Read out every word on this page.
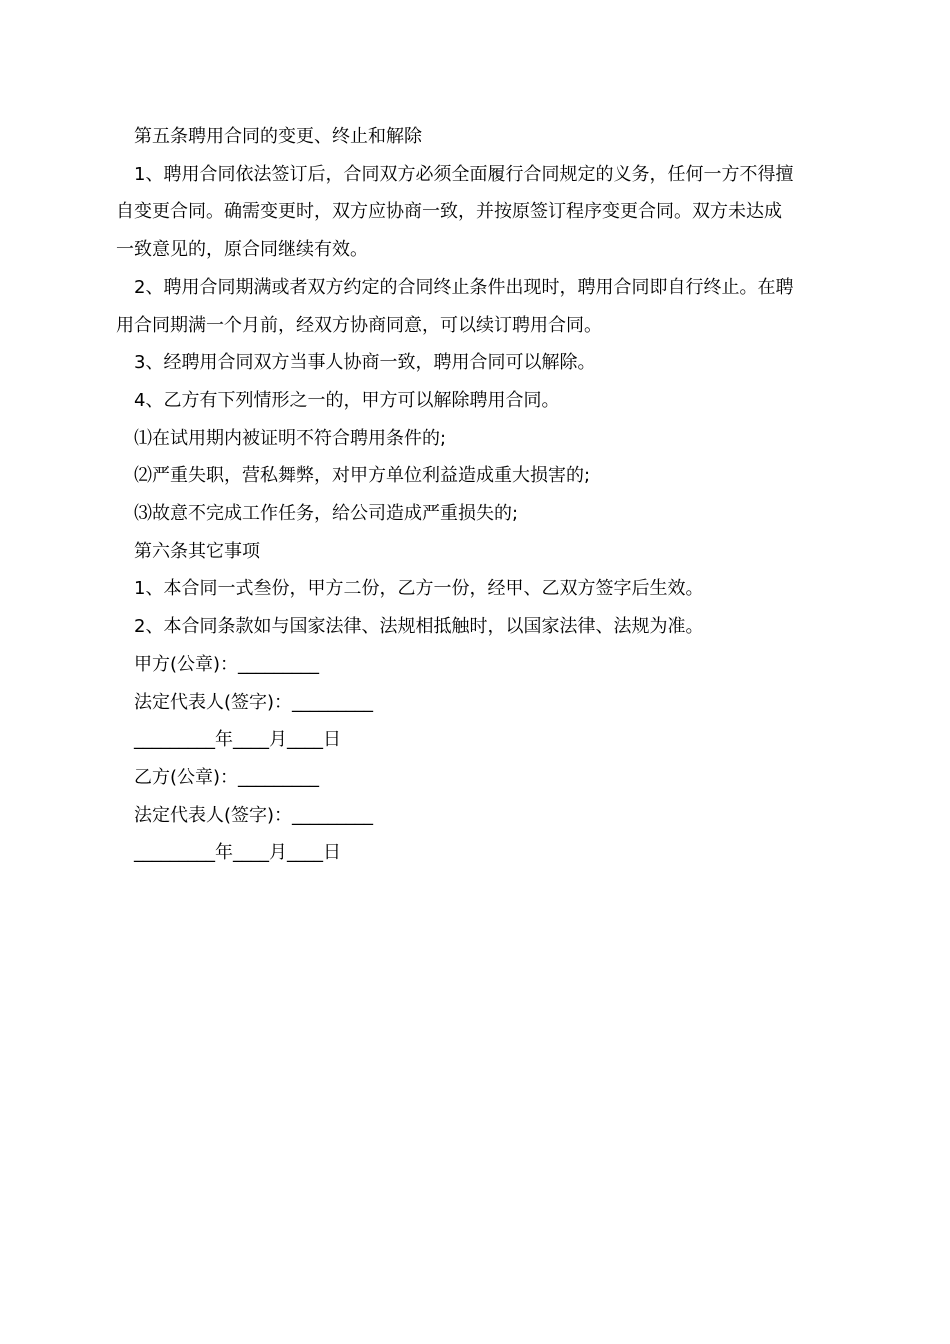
第五条聘用合同的变更、终止和解除

1、聘用合同依法签订后，合同双方必须全面履行合同规定的义务，任何一方不得擅

自变更合同。确需变更时，双方应协商一致，并按原签订程序变更合同。双方未达成

一致意见的，原合同继续有效。

2、聘用合同期满或者双方约定的合同终止条件出现时，聘用合同即自行终止。在聘

用合同期满一个月前，经双方协商同意，可以续订聘用合同。

3、经聘用合同双方当事人协商一致，聘用合同可以解除。

4、乙方有下列情形之一的，甲方可以解除聘用合同。

⑴在试用期内被证明不符合聘用条件的;

⑵严重失职，营私舞弊，对甲方单位利益造成重大损害的;

⑶故意不完成工作任务，给公司造成严重损失的;

第六条其它事项

1、本合同一式叁份，甲方二份，乙方一份，经甲、乙双方签字后生效。

2、本合同条款如与国家法律、法规相抵触时，以国家法律、法规为准。

甲方(公章)：_________

法定代表人(签字)：_________

_________年____月____日

乙方(公章)：_________

法定代表人(签字)：_________

_________年____月____日
